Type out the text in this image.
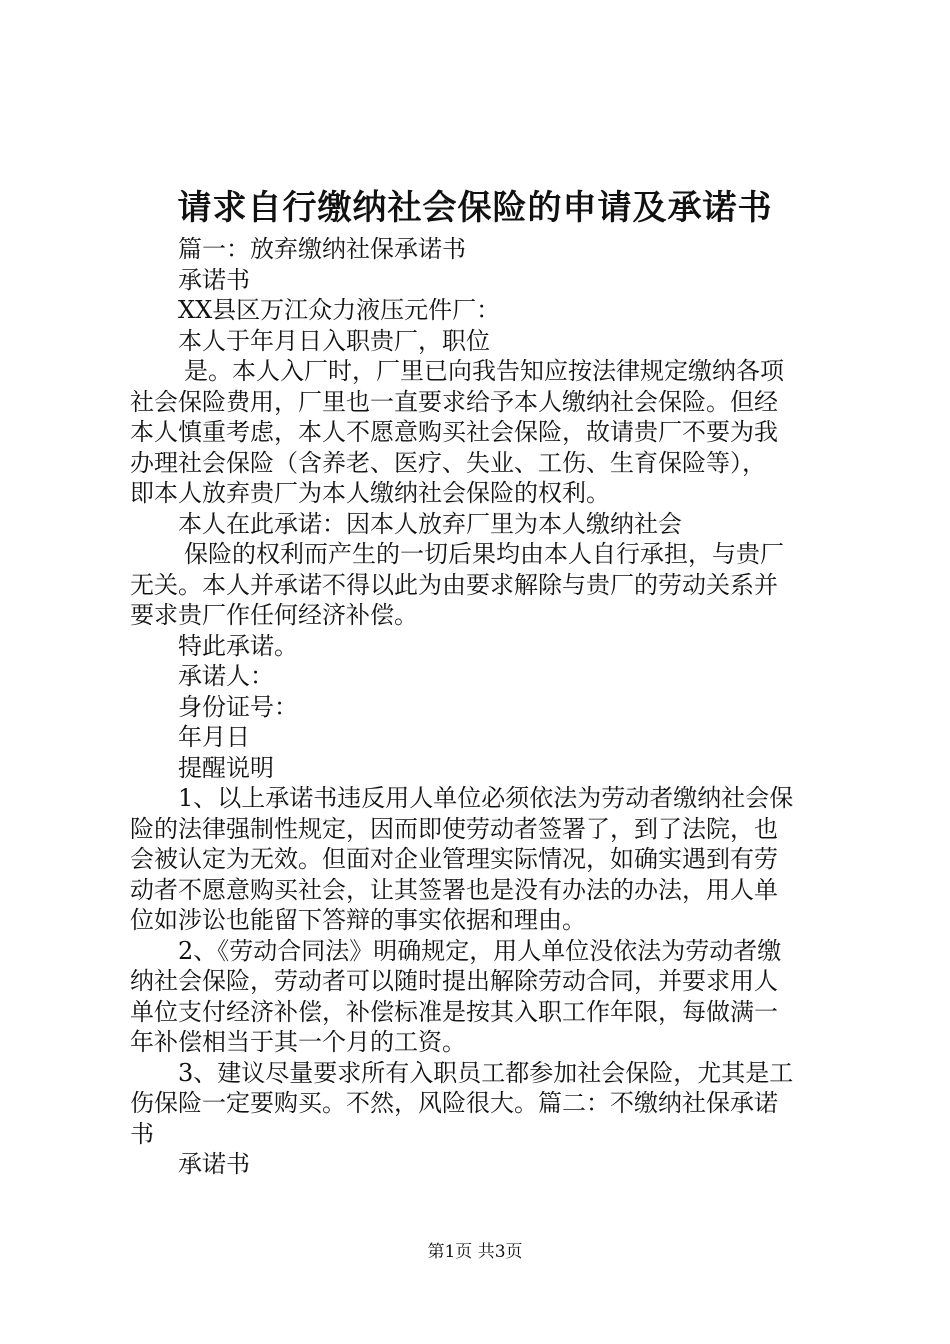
请求自行缴纳社会保险的申请及承诺书

篇一：放弃缴纳社保承诺书

承诺书

XX县区万江众力液压元件厂：

本人于年月日入职贵厂，职位

是。本人入厂时，厂里已向我告知应按法律规定缴纳各项

社会保险费用，厂里也一直要求给予本人缴纳社会保险。但经

本人慎重考虑，本人不愿意购买社会保险，故请贵厂不要为我

办理社会保险（含养老、医疗、失业、工伤、生育保险等），

即本人放弃贵厂为本人缴纳社会保险的权利。

本人在此承诺：因本人放弃厂里为本人缴纳社会

保险的权利而产生的一切后果均由本人自行承担，与贵厂

无关。本人并承诺不得以此为由要求解除与贵厂的劳动关系并

要求贵厂作任何经济补偿。

特此承诺。

承诺人：

身份证号：

年月日

提醒说明

1、以上承诺书违反用人单位必须依法为劳动者缴纳社会保

险的法律强制性规定，因而即使劳动者签署了，到了法院，也

会被认定为无效。但面对企业管理实际情况，如确实遇到有劳

动者不愿意购买社会，让其签署也是没有办法的办法，用人单

位如涉讼也能留下答辩的事实依据和理由。

2、《劳动合同法》明确规定，用人单位没依法为劳动者缴

纳社会保险，劳动者可以随时提出解除劳动合同，并要求用人

单位支付经济补偿，补偿标准是按其入职工作年限，每做满一

年补偿相当于其一个月的工资。

3、建议尽量要求所有入职员工都参加社会保险，尤其是工

伤保险一定要购买。不然，风险很大。篇二：不缴纳社保承诺

书

承诺书

第1页 共3页
